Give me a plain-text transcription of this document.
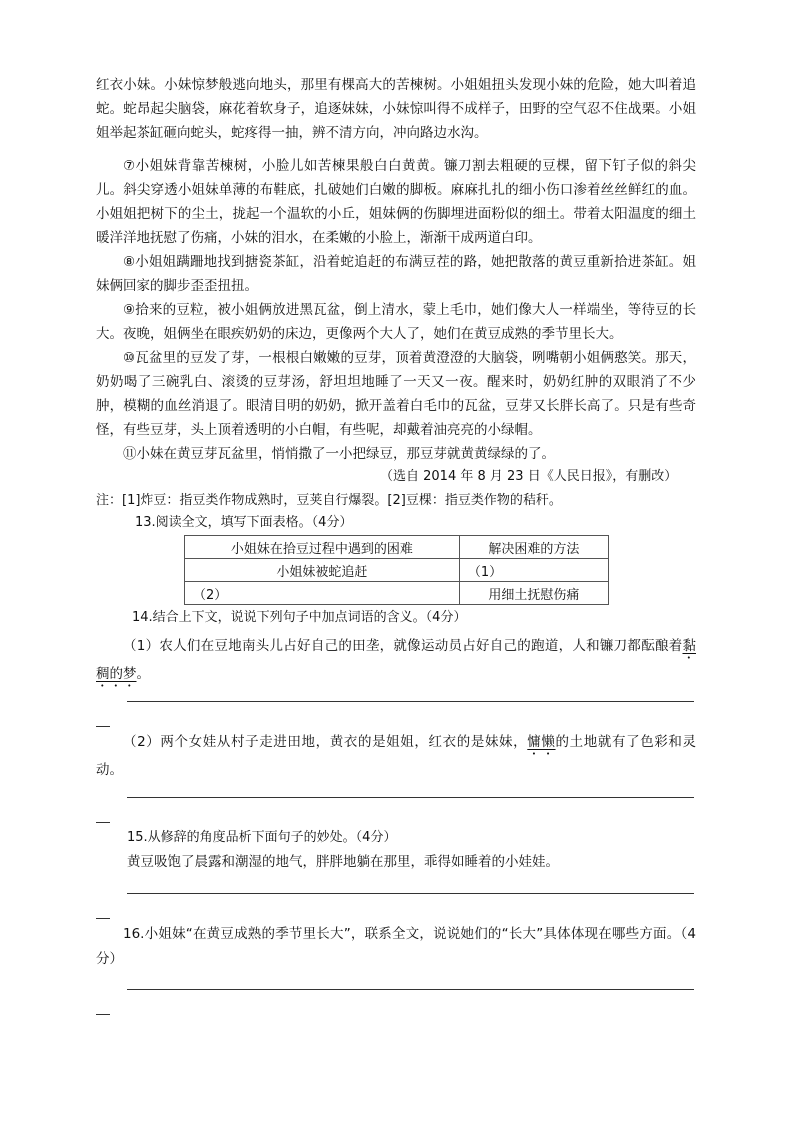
红衣小妹。小妹惊梦般逃向地头，那里有棵高大的苦楝树。小姐姐扭头发现小妹的危险，她大叫着追蛇。蛇昂起尖脑袋，麻花着软身子，追逐妹妹，小妹惊叫得不成样子，田野的空气忍不住战栗。小姐姐举起茶缸砸向蛇头，蛇疼得一抽，辨不清方向，冲向路边水沟。

⑦小姐妹背靠苦楝树，小脸儿如苦楝果般白白黄黄。镰刀割去粗硬的豆棵，留下钉子似的斜尖儿。斜尖穿透小姐妹单薄的布鞋底，扎破她们白嫩的脚板。麻麻扎扎的细小伤口渗着丝丝鲜红的血。小姐姐把树下的尘土，拢起一个温软的小丘，姐妹俩的伤脚埋进面粉似的细土。带着太阳温度的细土暖洋洋地抚慰了伤痛，小妹的泪水，在柔嫩的小脸上，渐渐干成两道白印。

⑧小姐姐蹒跚地找到搪瓷茶缸，沿着蛇追赶的布满豆茬的路，她把散落的黄豆重新拾进茶缸。姐妹俩回家的脚步歪歪扭扭。

⑨拾来的豆粒，被小姐俩放进黑瓦盆，倒上清水，蒙上毛巾，她们像大人一样端坐，等待豆的长大。夜晚，姐俩坐在眼疾奶奶的床边，更像两个大人了，她们在黄豆成熟的季节里长大。

⑩瓦盆里的豆发了芽，一根根白嫩嫩的豆芽，顶着黄澄澄的大脑袋，咧嘴朝小姐俩憨笑。那天，奶奶喝了三碗乳白、滚烫的豆芽汤，舒坦坦地睡了一天又一夜。醒来时，奶奶红肿的双眼消了不少肿，模糊的血丝消退了。眼清目明的奶奶，掀开盖着白毛巾的瓦盆，豆芽又长胖长高了。只是有些奇怪，有些豆芽，头上顶着透明的小白帽，有些呢，却戴着油亮亮的小绿帽。

⑪小妹在黄豆芽瓦盆里，悄悄撒了一小把绿豆，那豆芽就黄黄绿绿的了。

（选自 2014 年 8 月 23 日《人民日报》，有删改）
注：[1]炸豆：指豆类作物成熟时，豆荚自行爆裂。[2]豆棵：指豆类作物的秸秆。
13.阅读全文，填写下面表格。（4分）
小姐妹在拾豆过程中遇到的困难	解决困难的方法
小姐妹被蛇追赶	（1）
（2）	用细土抚慰伤痛
14.结合上下文，说说下列句子中加点词语的含义。（4分）

（1）农人们在豆地南头儿占好自己的田垄，就像运动员占好自己的跑道，人和镰刀都酝酿着黏稠的梦。

（2）两个女娃从村子走进田地，黄衣的是姐姐，红衣的是妹妹，慵懒的土地就有了色彩和灵动。

15.从修辞的角度品析下面句子的妙处。（4分）
黄豆吸饱了晨露和潮湿的地气，胖胖地躺在那里，乖得如睡着的小娃娃。

16.小姐妹“在黄豆成熟的季节里长大”，联系全文，说说她们的“长大”具体体现在哪些方面。（4分）
